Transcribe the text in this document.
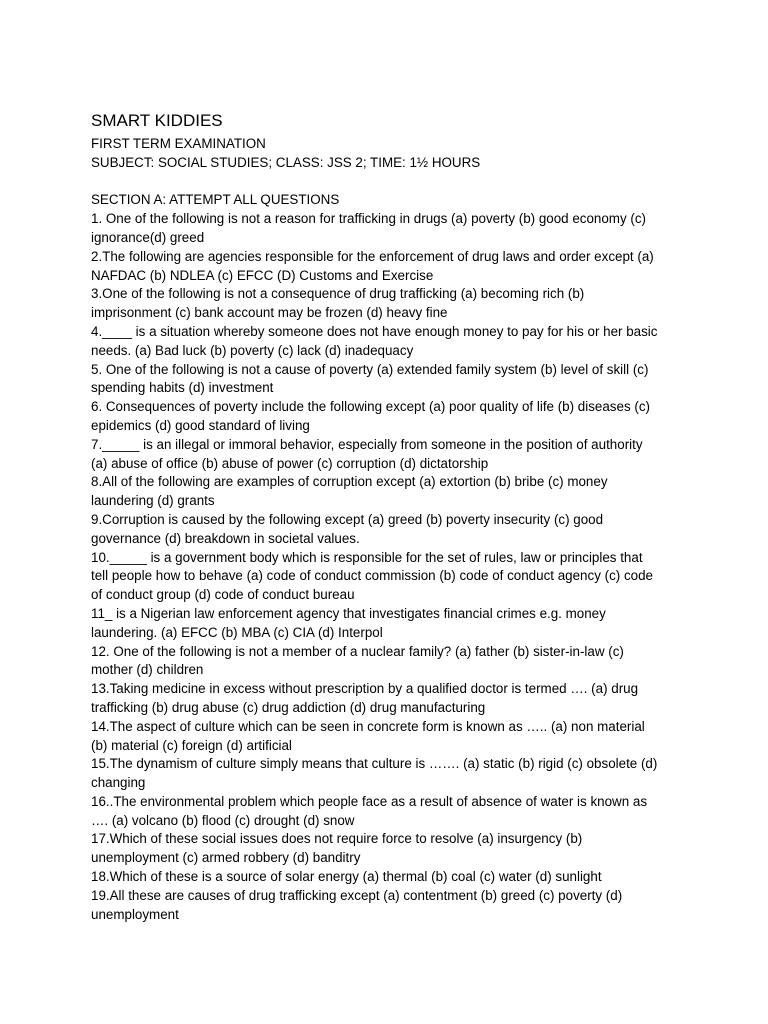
SMART KIDDIES

FIRST TERM EXAMINATION

SUBJECT: SOCIAL STUDIES; CLASS: JSS 2; TIME: 1½ HOURS

SECTION A: ATTEMPT ALL QUESTIONS

1. One of the following is not a reason for trafficking in drugs (a) poverty (b) good economy (c)

ignorance(d) greed

2.The following are agencies responsible for the enforcement of drug laws and order except (a)

NAFDAC (b) NDLEA (c) EFCC (D) Customs and Exercise

3.One of the following is not a consequence of drug trafficking (a) becoming rich (b)

imprisonment (c) bank account may be frozen (d) heavy fine

4.____ is a situation whereby someone does not have enough money to pay for his or her basic

needs. (a) Bad luck (b) poverty (c) lack (d) inadequacy

5. One of the following is not a cause of poverty (a) extended family system (b) level of skill (c)

spending habits (d) investment

6. Consequences of poverty include the following except (a) poor quality of life (b) diseases (c)

epidemics (d) good standard of living

7._____ is an illegal or immoral behavior, especially from someone in the position of authority

(a) abuse of office (b) abuse of power (c) corruption (d) dictatorship

8.All of the following are examples of corruption except (a) extortion (b) bribe (c) money

laundering (d) grants

9.Corruption is caused by the following except (a) greed (b) poverty insecurity (c) good

governance (d) breakdown in societal values.

10._____ is a government body which is responsible for the set of rules, law or principles that

tell people how to behave (a) code of conduct commission (b) code of conduct agency (c) code

of conduct group (d) code of conduct bureau

11_ is a Nigerian law enforcement agency that investigates financial crimes e.g. money

laundering. (a) EFCC (b) MBA (c) CIA (d) Interpol

12. One of the following is not a member of a nuclear family? (a) father (b) sister-in-law (c)

mother (d) children

13.Taking medicine in excess without prescription by a qualified doctor is termed …. (a) drug

trafficking (b) drug abuse (c) drug addiction (d) drug manufacturing

14.The aspect of culture which can be seen in concrete form is known as ….. (a) non material

(b) material (c) foreign (d) artificial

15.The dynamism of culture simply means that culture is ……. (a) static (b) rigid (c) obsolete (d)

changing

16..The environmental problem which people face as a result of absence of water is known as

…. (a) volcano (b) flood (c) drought (d) snow

17.Which of these social issues does not require force to resolve (a) insurgency (b)

unemployment (c) armed robbery (d) banditry

18.Which of these is a source of solar energy (a) thermal (b) coal (c) water (d) sunlight

19.All these are causes of drug trafficking except (a) contentment (b) greed (c) poverty (d)

unemployment
